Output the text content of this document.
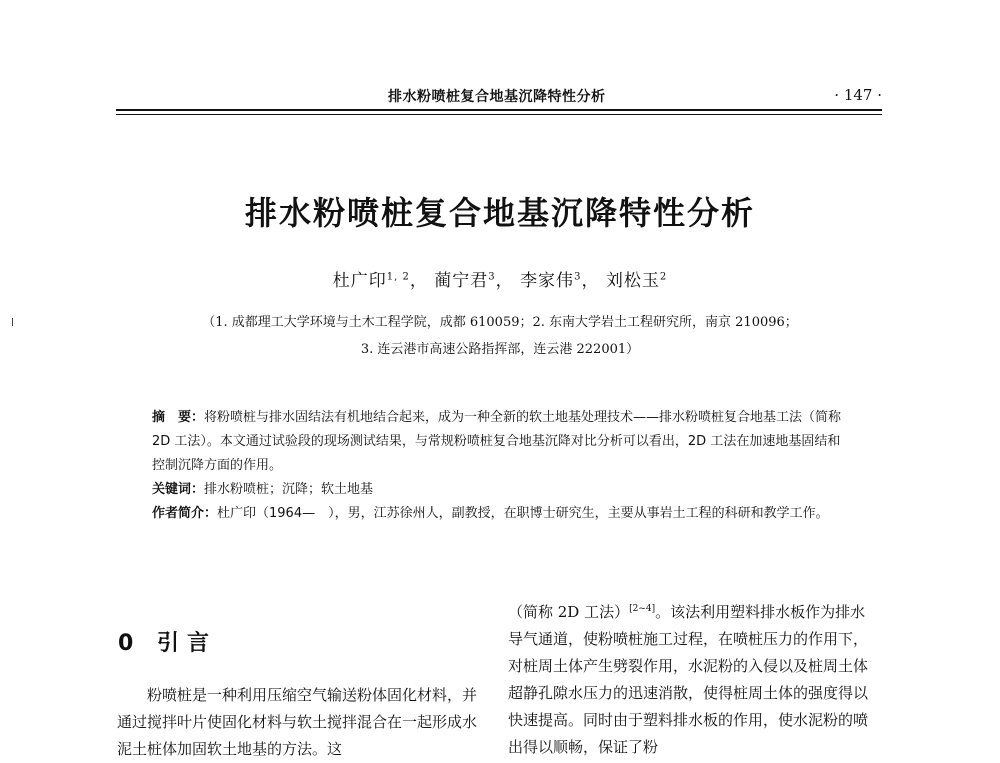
排水粉喷桩复合地基沉降特性分析	· 147 ·
排水粉喷桩复合地基沉降特性分析
杜广印$^{1, 2}$， 蔺宁君$^3$， 李家伟$^3$， 刘松玉$^2$
（1. 成都理工大学环境与土木工程学院，成都 610059；2. 东南大学岩土工程研究所，南京 210096；
3. 连云港市高速公路指挥部，连云港 222001）

摘　要：将粉喷桩与排水固结法有机地结合起来，成为一种全新的软土地基处理技术——排水粉喷桩复合地基工法（简称 2D 工法）。本文通过试验段的现场测试结果，与常规粉喷桩复合地基沉降对比分析可以看出，2D 工法在加速地基固结和控制沉降方面的作用。

关键词：排水粉喷桩；沉降；软土地基

作者简介：杜广印（1964—　），男，江苏徐州人，副教授，在职博士研究生，主要从事岩土工程的科研和教学工作。

0 引言

　　粉喷桩是一种利用压缩空气输送粉体固化材料，并通过搅拌叶片使固化材料与软土搅拌混合在一起形成水泥土桩体加固软土地基的方法。这

（简称 2D 工法）[2~4]。该法利用塑料排水板作为排水导气通道，使粉喷桩施工过程，在喷桩压力的作用下，对桩周土体产生劈裂作用，水泥粉的入侵以及桩周土体超静孔隙水压力的迅速消散，使得桩周土体的强度得以快速提高。同时由于塑料排水板的作用，使水泥粉的喷出得以顺畅，保证了粉
